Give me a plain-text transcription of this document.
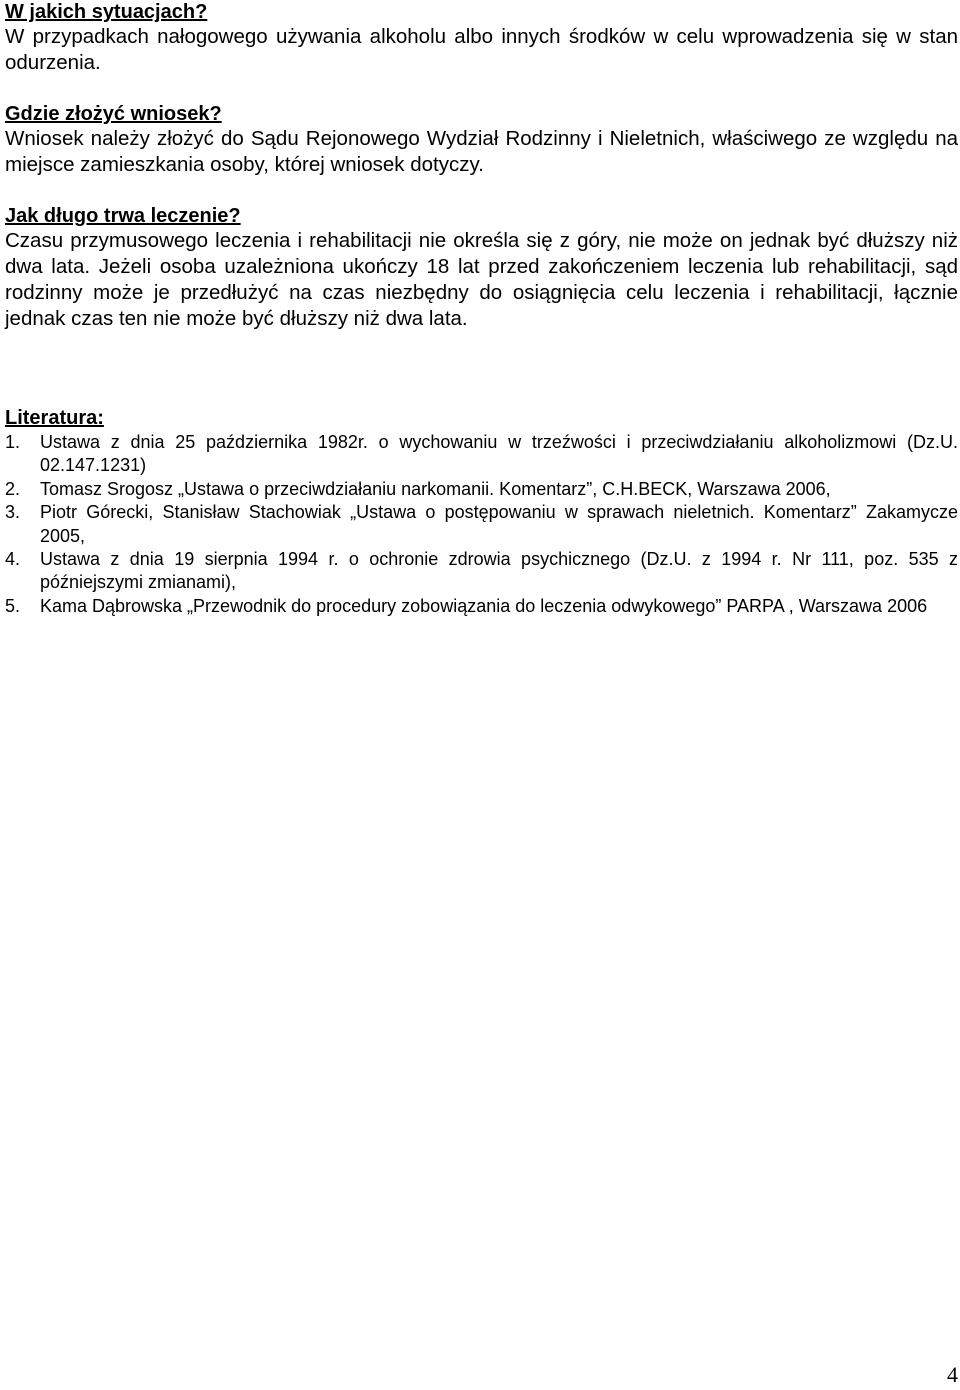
W jakich sytuacjach?

W przypadkach nałogowego używania alkoholu albo innych środków w celu wprowadzenia się w stan odurzenia.

Gdzie złożyć wniosek?

Wniosek należy złożyć do Sądu Rejonowego Wydział Rodzinny i Nieletnich, właściwego ze względu na miejsce zamieszkania osoby, której wniosek dotyczy.

Jak długo trwa leczenie?

Czasu przymusowego leczenia i rehabilitacji nie określa się z góry, nie może on jednak być dłuższy niż dwa lata. Jeżeli osoba uzależniona ukończy 18 lat przed zakończeniem leczenia lub rehabilitacji, sąd rodzinny może je przedłużyć na czas niezbędny do osiągnięcia celu leczenia i rehabilitacji, łącznie jednak czas ten nie może być dłuższy niż dwa lata.

Literatura:
1. Ustawa z dnia 25 października 1982r. o wychowaniu w trzeźwości i przeciwdziałaniu alkoholizmowi (Dz.U. 02.147.1231)
2. Tomasz Srogosz „Ustawa o przeciwdziałaniu narkomanii. Komentarz”, C.H.BECK, Warszawa 2006,
3. Piotr Górecki, Stanisław Stachowiak „Ustawa o postępowaniu w sprawach nieletnich. Komentarz” Zakamycze 2005,
4. Ustawa z dnia 19 sierpnia 1994 r. o ochronie zdrowia psychicznego (Dz.U. z 1994 r. Nr 111, poz. 535 z późniejszymi zmianami),
5. Kama Dąbrowska „Przewodnik do procedury zobowiązania do leczenia odwykowego” PARPA , Warszawa 2006
4
